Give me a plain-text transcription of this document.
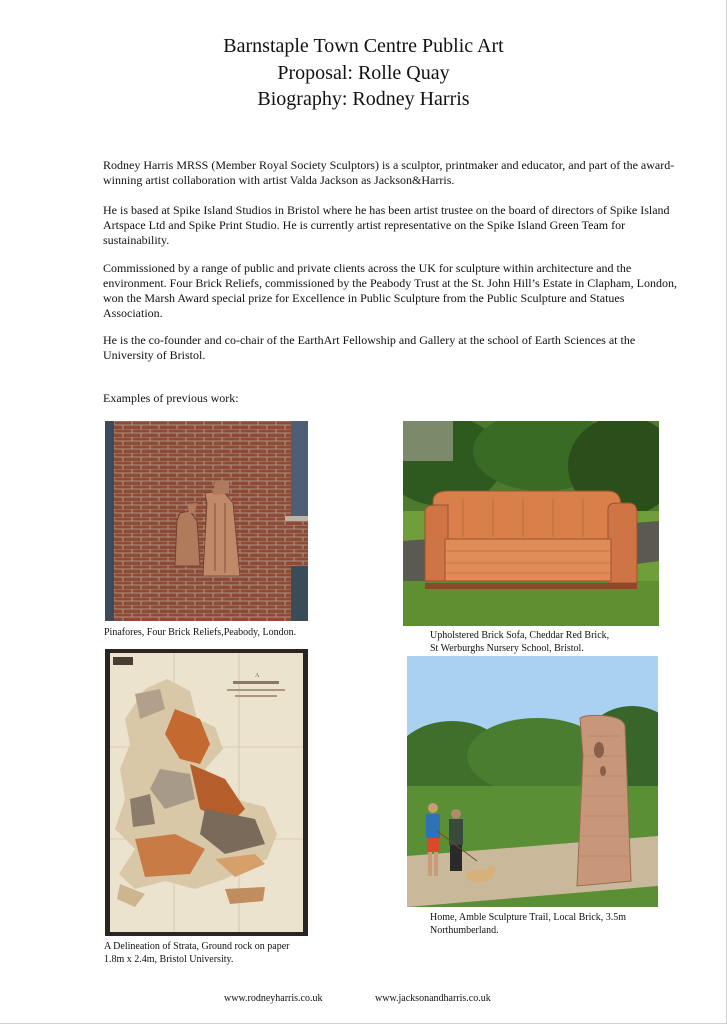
Barnstaple Town Centre Public Art
Proposal: Rolle Quay
Biography: Rodney Harris

Rodney Harris MRSS (Member Royal Society Sculptors) is a sculptor, printmaker and educator, and part of the award-winning artist collaboration with artist Valda Jackson as Jackson&Harris.

He is based at Spike Island Studios in Bristol where he has been artist trustee on the board of directors of Spike Island Artspace Ltd and Spike Print Studio. He is currently artist representative on the Spike Island Green Team for sustainability.

Commissioned by a range of public and private clients across the UK for sculpture within architecture and the environment. Four Brick Reliefs, commissioned by the Peabody Trust at the St. John Hill’s Estate in Clapham, London, won the Marsh Award special prize for Excellence in Public Sculpture from the Public Sculpture and Statues Association.

He is the co-founder and co-chair of the EarthArt Fellowship and Gallery at the school of Earth Sciences at the University of Bristol.

Examples of previous work:

Pinafores, Four Brick Reliefs,Peabody, London.	Upholstered Brick Sofa, Cheddar Red Brick,

St Werburghs Nursery School, Bristol.

A

A Delineation of Strata, Ground rock on paper

1.8m x 2.4m, Bristol University.

Home, Amble Sculpture Trail, Local Brick, 3.5m

Northumberland.

www.rodneyharris.co.uk	www.jacksonandharris.co.uk
